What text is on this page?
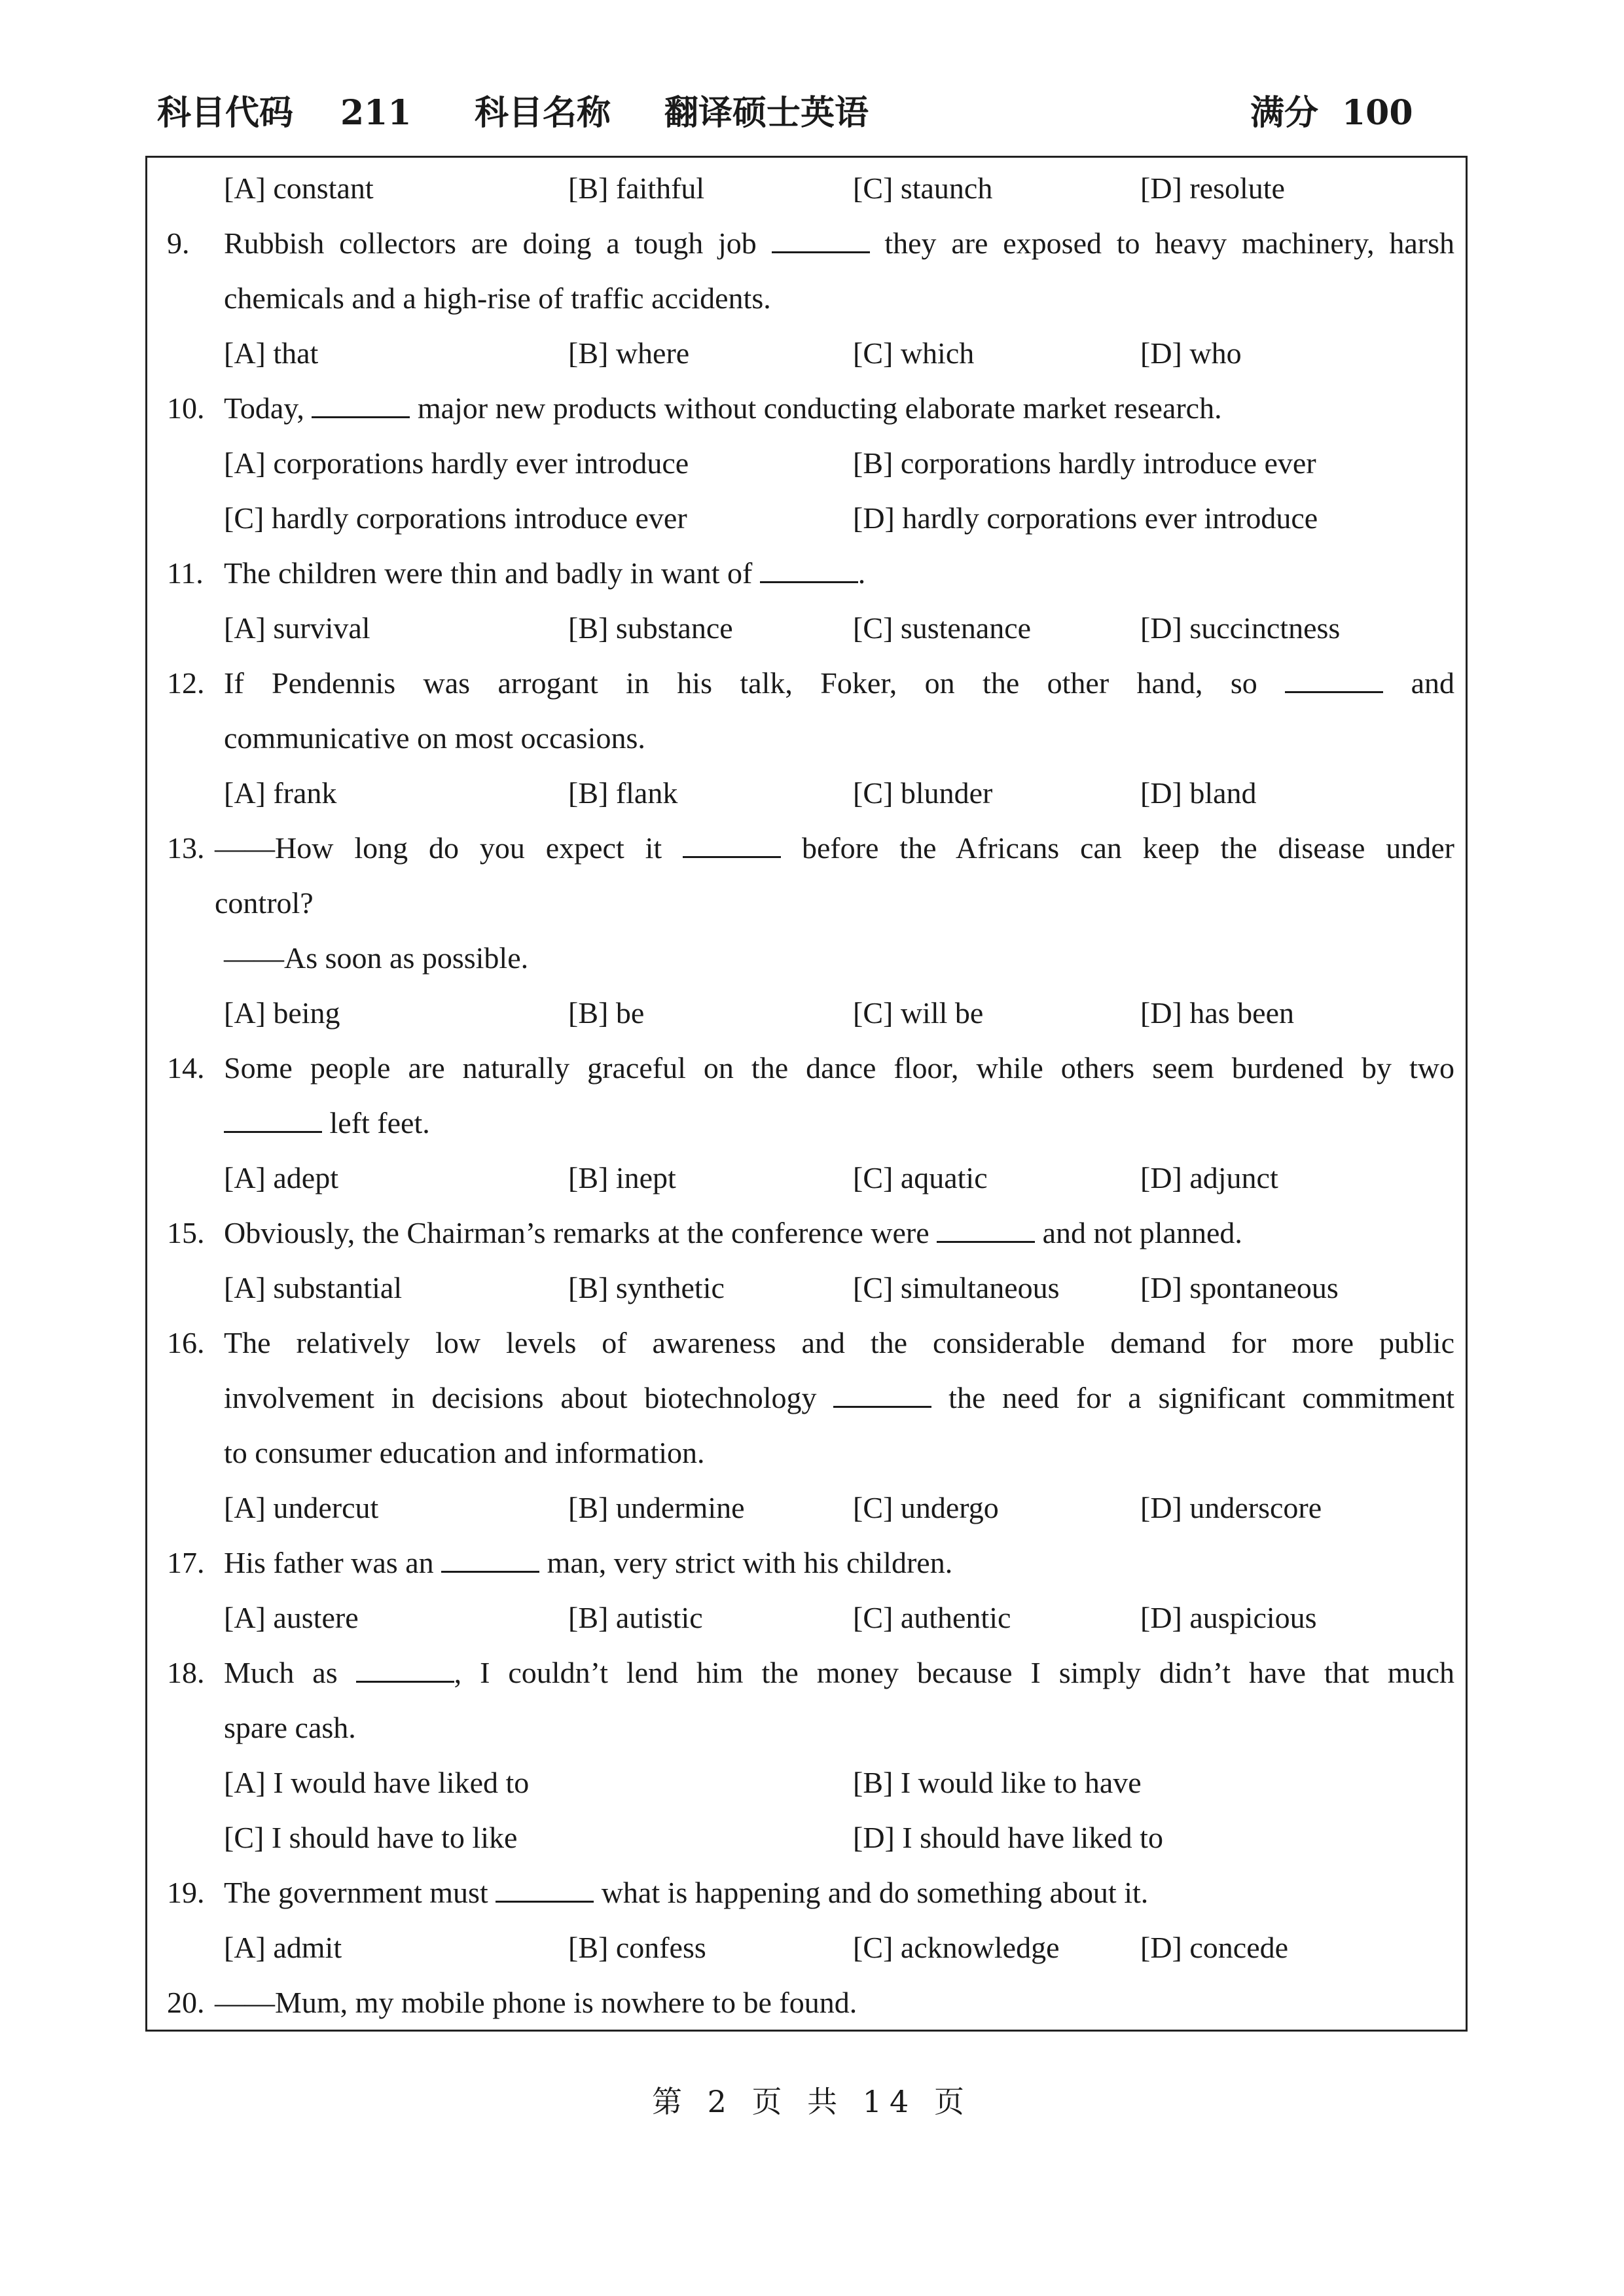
科目代码 211 科目名称 翻译硕士英语	满分 100
[A] constant	[B] faithful	[C] staunch	[D] resolute
9. Rubbish collectors are doing a tough job	they are exposed to heavy machinery, harsh
chemicals and a high-rise of traffic accidents.
[A] that	[B] where	[C] which	[D] who
10. Today,	major new products without conducting elaborate market research.
[A] corporations hardly ever introduce	[B] corporations hardly introduce ever
[C] hardly corporations introduce ever	[D] hardly corporations ever introduce
11. The children were thin and badly in want of	.
[A] survival	[B] substance	[C] sustenance	[D] succinctness
12. If Pendennis was arrogant in his talk, Foker, on the other hand, so	and
communicative on most occasions.
[A] frank	[B] flank	[C] blunder	[D] bland
13. ——How long do you expect it	before the Africans can keep the disease under
control?
——As soon as possible.
[A] being	[B] be	[C] will be	[D] has been
14. Some people are naturally graceful on the dance floor, while others seem burdened by two
left feet.
[A] adept	[B] inept	[C] aquatic	[D] adjunct
15. Obviously, the Chairman’s remarks at the conference were	and not planned.
[A] substantial	[B] synthetic	[C] simultaneous	[D] spontaneous
16. The relatively low levels of awareness and the considerable demand for more public
involvement in decisions about biotechnology	the need for a significant commitment
to consumer education and information.
[A] undercut	[B] undermine	[C] undergo	[D] underscore
17. His father was an	man, very strict with his children.
[A] austere	[B] autistic	[C] authentic	[D] auspicious
18. Much as	, I couldn’t lend him the money because I simply didn’t have that much
spare cash.
[A] I would have liked to	[B] I would like to have
[C] I should have to like	[D] I should have liked to
19. The government must	what is happening and do something about it.
[A] admit	[B] confess	[C] acknowledge	[D] concede
20. ——Mum, my mobile phone is nowhere to be found.
第 2 页 共 14 页
